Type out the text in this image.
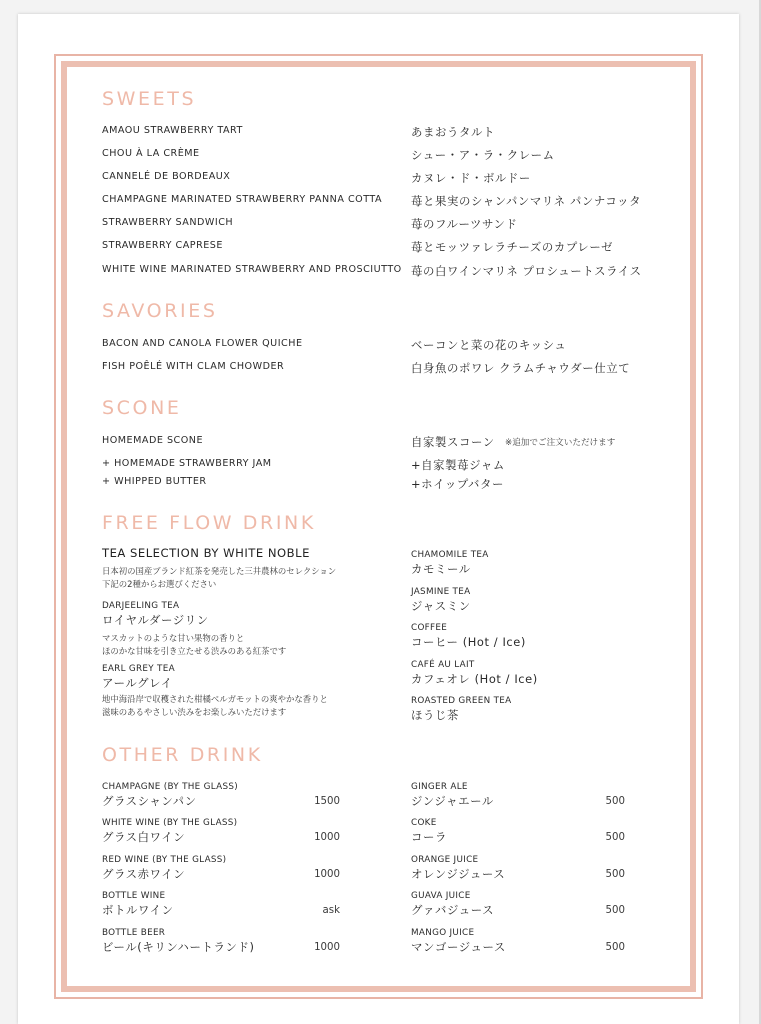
SWEETS
AMAOU STRAWBERRY TART	あまおうタルト
CHOU À LA CRÈME	シュー・ア・ラ・クレーム
CANNELÉ DE BORDEAUX	カヌレ・ド・ボルドー
CHAMPAGNE MARINATED STRAWBERRY PANNA COTTA	苺と果実のシャンパンマリネ パンナコッタ
STRAWBERRY SANDWICH	苺のフルーツサンド
STRAWBERRY CAPRESE	苺とモッツァレラチーズのカプレーゼ
WHITE WINE MARINATED STRAWBERRY AND PROSCIUTTO 苺の白ワインマリネ プロシュートスライス
SAVORIES
BACON AND CANOLA FLOWER QUICHE	ベーコンと菜の花のキッシュ
FISH POÊLÉ WITH CLAM CHOWDER	白身魚のポワレ クラムチャウダー仕立て
SCONE
HOMEMADE SCONE	自家製スコーン ※追加でご注文いただけます
+ HOMEMADE STRAWBERRY JAM	+自家製苺ジャム
+ WHIPPED BUTTER	+ホイップバター
FREE FLOW DRINK
TEA SELECTION BY WHITE NOBLE
日本初の国産ブランド紅茶を発売した三井農林のセレクション
下記の2種からお選びください
DARJEELING TEA
ロイヤルダージリン
マスカットのような甘い果物の香りと
ほのかな甘味を引き立たせる渋みのある紅茶です
EARL GREY TEA
アールグレイ
地中海沿岸で収穫された柑橘ベルガモットの爽やかな香りと
滋味のあるやさしい渋みをお楽しみいただけます
CHAMOMILE TEA
カモミール
JASMINE TEA
ジャスミン
COFFEE
コーヒー (Hot / Ice)
CAFÉ AU LAIT
カフェオレ (Hot / Ice)
ROASTED GREEN TEA
ほうじ茶
OTHER DRINK
CHAMPAGNE (BY THE GLASS)
グラスシャンパン	1500
WHITE WINE (BY THE GLASS)
グラス白ワイン	1000
RED WINE (BY THE GLASS)
グラス赤ワイン	1000
BOTTLE WINE
ボトルワイン	ask
BOTTLE BEER
ビール(キリンハートランド)	1000
GINGER ALE
ジンジャエール	500
COKE
コーラ	500
ORANGE JUICE
オレンジジュース	500
GUAVA JUICE
グァバジュース	500
MANGO JUICE
マンゴージュース	500
